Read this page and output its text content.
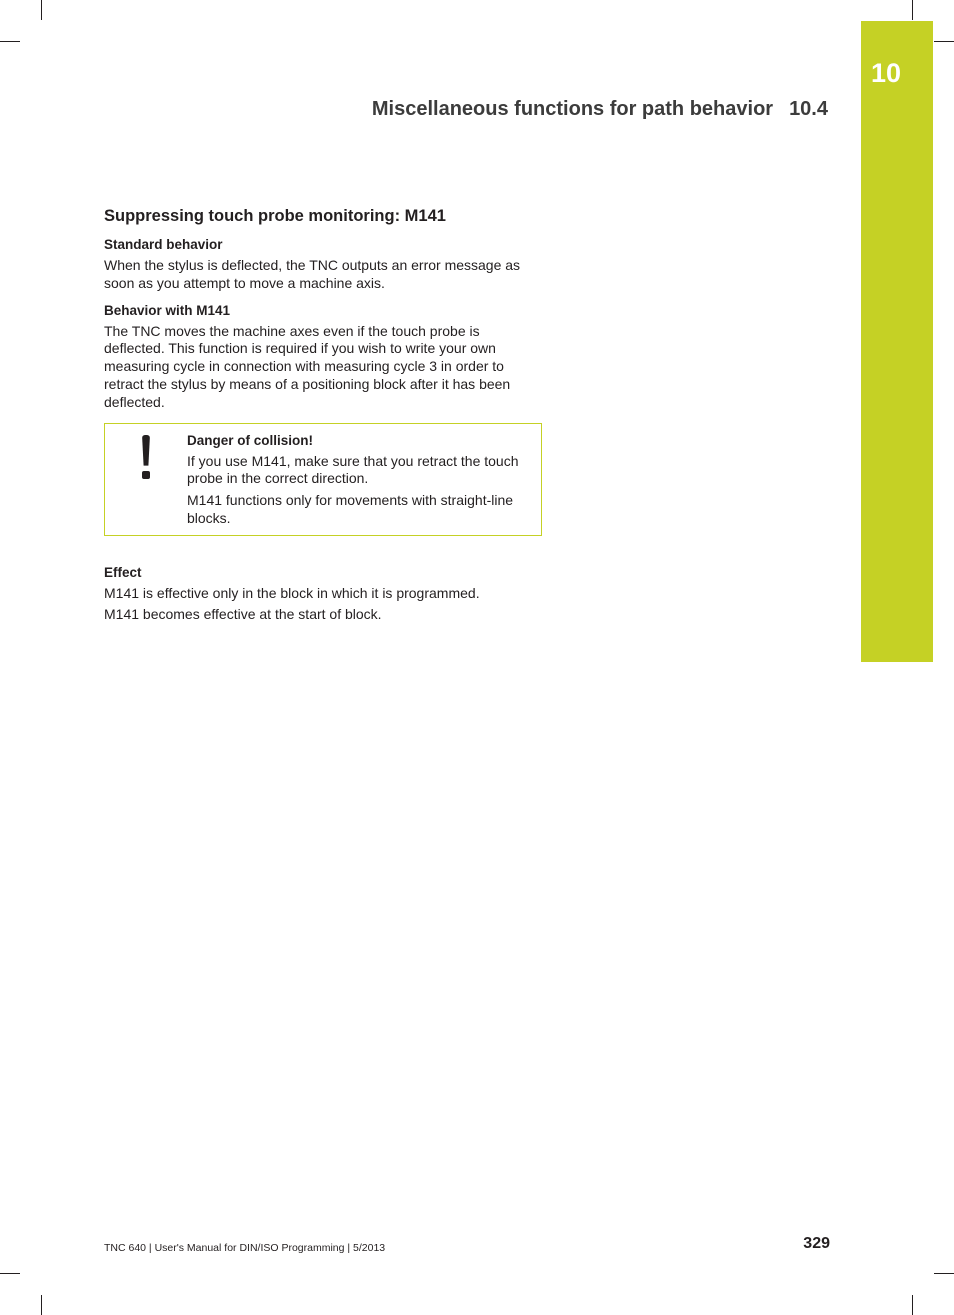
10
Miscellaneous functions for path behavior 10.4
Suppressing touch probe monitoring: M141
Standard behavior

When the stylus is deflected, the TNC outputs an error message as soon as you attempt to move a machine axis.

Behavior with M141

The TNC moves the machine axes even if the touch probe is deflected. This function is required if you wish to write your own measuring cycle in connection with measuring cycle 3 in order to retract the stylus by means of a positioning block after it has been deflected.

Danger of collision!

If you use M141, make sure that you retract the touch probe in the correct direction.

M141 functions only for movements with straight-line blocks.

Effect

M141 is effective only in the block in which it is programmed.

M141 becomes effective at the start of block.

TNC 640 | User's Manual for DIN/ISO Programming | 5/2013	329
